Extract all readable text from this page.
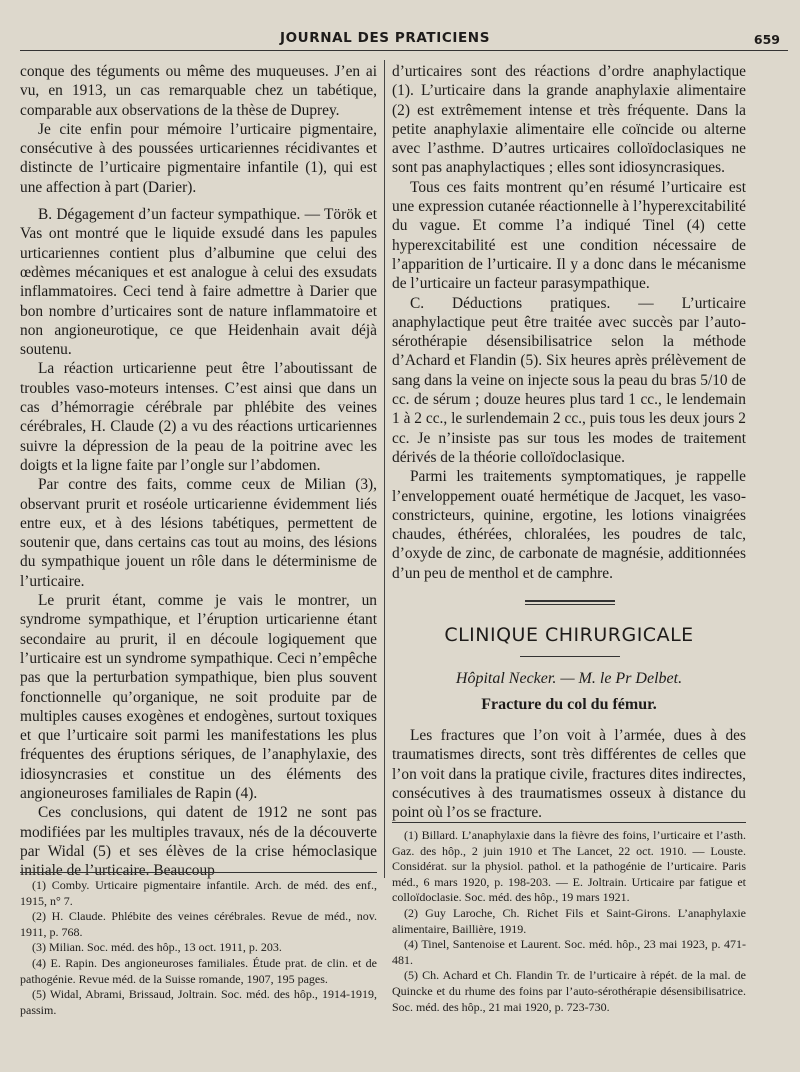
JOURNAL DES PRATICIENS	659

conque des téguments ou même des muqueuses. J’en ai vu, en 1913, un cas remarquable chez un tabétique, comparable aux observations de la thèse de Duprey.

Je cite enfin pour mémoire l’urticaire pigmentaire, consécutive à des poussées urticariennes récidivantes et distincte de l’urticaire pigmentaire infantile (1), qui est une affection à part (Darier).

B. Dégagement d’un facteur sympathique. — Török et Vas ont montré que le liquide exsudé dans les papules urticariennes contient plus d’albumine que celui des œdèmes mécaniques et est analogue à celui des exsudats inflammatoires. Ceci tend à faire admettre à Darier que bon nombre d’urticaires sont de nature inflammatoire et non angioneurotique, ce que Heidenhain avait déjà soutenu.

La réaction urticarienne peut être l’aboutissant de troubles vaso-moteurs intenses. C’est ainsi que dans un cas d’hémorragie cérébrale par phlébite des veines cérébrales, H. Claude (2) a vu des réactions urticariennes suivre la dépression de la peau de la poitrine avec les doigts et la ligne faite par l’ongle sur l’abdomen.

Par contre des faits, comme ceux de Milian (3), observant prurit et roséole urticarienne évidemment liés entre eux, et à des lésions tabétiques, permettent de soutenir que, dans certains cas tout au moins, des lésions du sympathique jouent un rôle dans le déterminisme de l’urticaire.

Le prurit étant, comme je vais le montrer, un syndrome sympathique, et l’éruption urticarienne étant secondaire au prurit, il en découle logiquement que l’urticaire est un syndrome sympathique. Ceci n’empêche pas que la perturbation sympathique, bien plus souvent fonctionnelle qu’organique, ne soit produite par de multiples causes exogènes et endogènes, surtout toxiques et que l’urticaire soit parmi les manifestations les plus fréquentes des éruptions sériques, de l’anaphylaxie, des idiosyncrasies et constitue un des éléments des angioneuroses familiales de Rapin (4).

Ces conclusions, qui datent de 1912 ne sont pas modifiées par les multiples travaux, nés de la découverte par Widal (5) et ses élèves de la crise hémoclasique initiale de l’urticaire. Beaucoup

(1) Comby. Urticaire pigmentaire infantile. Arch. de méd. des enf., 1915, n° 7.

(2) H. Claude. Phlébite des veines cérébrales. Revue de méd., nov. 1911, p. 768.

(3) Milian. Soc. méd. des hôp., 13 oct. 1911, p. 203.

(4) E. Rapin. Des angioneuroses familiales. Étude prat. de clin. et de pathogénie. Revue méd. de la Suisse romande, 1907, 195 pages.

(5) Widal, Abrami, Brissaud, Joltrain. Soc. méd. des hôp., 1914-1919, passim.

d’urticaires sont des réactions d’ordre anaphylactique (1). L’urticaire dans la grande anaphylaxie alimentaire (2) est extrêmement intense et très fréquente. Dans la petite anaphylaxie alimentaire elle coïncide ou alterne avec l’asthme. D’autres urticaires colloïdoclasiques ne sont pas anaphylactiques ; elles sont idiosyncrasiques.

Tous ces faits montrent qu’en résumé l’urticaire est une expression cutanée réactionnelle à l’hyperexcitabilité du vague. Et comme l’a indiqué Tinel (4) cette hyperexcitabilité est une condition nécessaire de l’apparition de l’urticaire. Il y a donc dans le mécanisme de l’urticaire un facteur parasympathique.

C. Déductions pratiques. — L’urticaire anaphylactique peut être traitée avec succès par l’auto-sérothérapie désensibilisatrice selon la méthode d’Achard et Flandin (5). Six heures après prélèvement de sang dans la veine on injecte sous la peau du bras 5/10 de cc. de sérum ; douze heures plus tard 1 cc., le lendemain 1 à 2 cc., le surlendemain 2 cc., puis tous les deux jours 2 cc. Je n’insiste pas sur tous les modes de traitement dérivés de la théorie colloïdoclasique.

Parmi les traitements symptomatiques, je rappelle l’enveloppement ouaté hermétique de Jacquet, les vaso-constricteurs, quinine, ergotine, les lotions vinaigrées chaudes, éthérées, chloralées, les poudres de talc, d’oxyde de zinc, de carbonate de magnésie, additionnées d’un peu de menthol et de camphre.

CLINIQUE CHIRURGICALE
Hôpital Necker. — M. le Pr Delbet.
Fracture du col du fémur.

Les fractures que l’on voit à l’armée, dues à des traumatismes directs, sont très différentes de celles que l’on voit dans la pratique civile, fractures dites indirectes, consécutives à des traumatismes osseux à distance du point où l’os se fracture.

(1) Billard. L’anaphylaxie dans la fièvre des foins, l’urticaire et l’asth. Gaz. des hôp., 2 juin 1910 et The Lancet, 22 oct. 1910. — Louste. Considérat. sur la physiol. pathol. et la pathogénie de l’urticaire. Paris méd., 6 mars 1920, p. 198-203. — E. Joltrain. Urticaire par fatigue et colloïdoclasie. Soc. méd. des hôp., 19 mars 1921.

(2) Guy Laroche, Ch. Richet Fils et Saint-Girons. L’anaphylaxie alimentaire, Baillière, 1919.

(4) Tinel, Santenoise et Laurent. Soc. méd. hôp., 23 mai 1923, p. 471-481.

(5) Ch. Achard et Ch. Flandin Tr. de l’urticaire à répét. de la mal. de Quincke et du rhume des foins par l’auto-sérothérapie désensibilisatrice. Soc. méd. des hôp., 21 mai 1920, p. 723-730.
